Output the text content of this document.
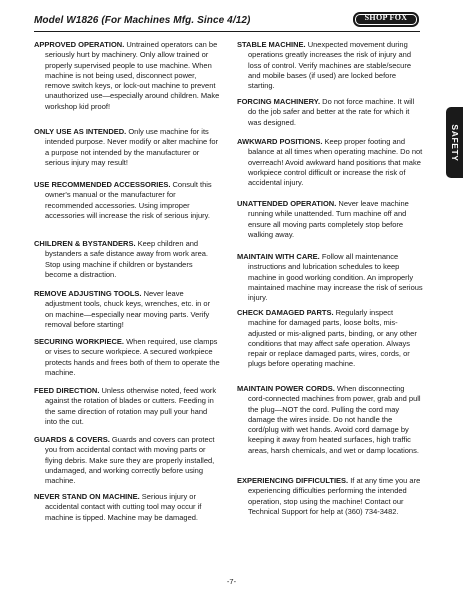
Model W1826 (For Machines Mfg. Since 4/12)	SHOP FOX
SAFETY
APPROVED OPERATION. Untrained operators can be seriously hurt by machinery. Only allow trained or properly supervised people to use machine. When machine is not being used, disconnect power, remove switch keys, or lock-out machine to prevent unauthorized use—especially around children. Make workshop kid proof!
ONLY USE AS INTENDED. Only use machine for its intended purpose. Never modify or alter machine for a purpose not intended by the manufacturer or serious injury may result!
USE RECOMMENDED ACCESSORIES. Consult this owner's manual or the manufacturer for recommended accessories. Using improper accessories will increase the risk of serious injury.
CHILDREN & BYSTANDERS. Keep children and bystanders a safe distance away from work area. Stop using machine if children or bystanders become a distraction.
REMOVE ADJUSTING TOOLS. Never leave adjustment tools, chuck keys, wrenches, etc. in or on machine—especially near moving parts. Verify removal before starting!
SECURING WORKPIECE. When required, use clamps or vises to secure workpiece. A secured workpiece protects hands and frees both of them to operate the machine.
FEED DIRECTION. Unless otherwise noted, feed work against the rotation of blades or cutters. Feeding in the same direction of rotation may pull your hand into the cut.
GUARDS & COVERS. Guards and covers can protect you from accidental contact with moving parts or flying debris. Make sure they are properly installed, undamaged, and working correctly before using machine.
NEVER STAND ON MACHINE. Serious injury or accidental contact with cutting tool may occur if machine is tipped. Machine may be damaged.
STABLE MACHINE. Unexpected movement during operations greatly increases the risk of injury and loss of control. Verify machines are stable/secure and mobile bases (if used) are locked before starting.
FORCING MACHINERY. Do not force machine. It will do the job safer and better at the rate for which it was designed.
AWKWARD POSITIONS. Keep proper footing and balance at all times when operating machine. Do not overreach! Avoid awkward hand positions that make workpiece control difficult or increase the risk of accidental injury.
UNATTENDED OPERATION. Never leave machine running while unattended. Turn machine off and ensure all moving parts completely stop before walking away.
MAINTAIN WITH CARE. Follow all maintenance instructions and lubrication schedules to keep machine in good working condition. An improperly maintained machine may increase the risk of serious injury.
CHECK DAMAGED PARTS. Regularly inspect machine for damaged parts, loose bolts, mis-adjusted or mis-aligned parts, binding, or any other conditions that may affect safe operation. Always repair or replace damaged parts, wires, cords, or plugs before operating machine.
MAINTAIN POWER CORDS. When disconnecting cord-connected machines from power, grab and pull the plug—NOT the cord. Pulling the cord may damage the wires inside. Do not handle the cord/plug with wet hands. Avoid cord damage by keeping it away from heated surfaces, high traffic areas, harsh chemicals, and wet or damp locations.
EXPERIENCING DIFFICULTIES. If at any time you are experiencing difficulties performing the intended operation, stop using the machine! Contact our Technical Support for help at (360) 734-3482.
-7-
